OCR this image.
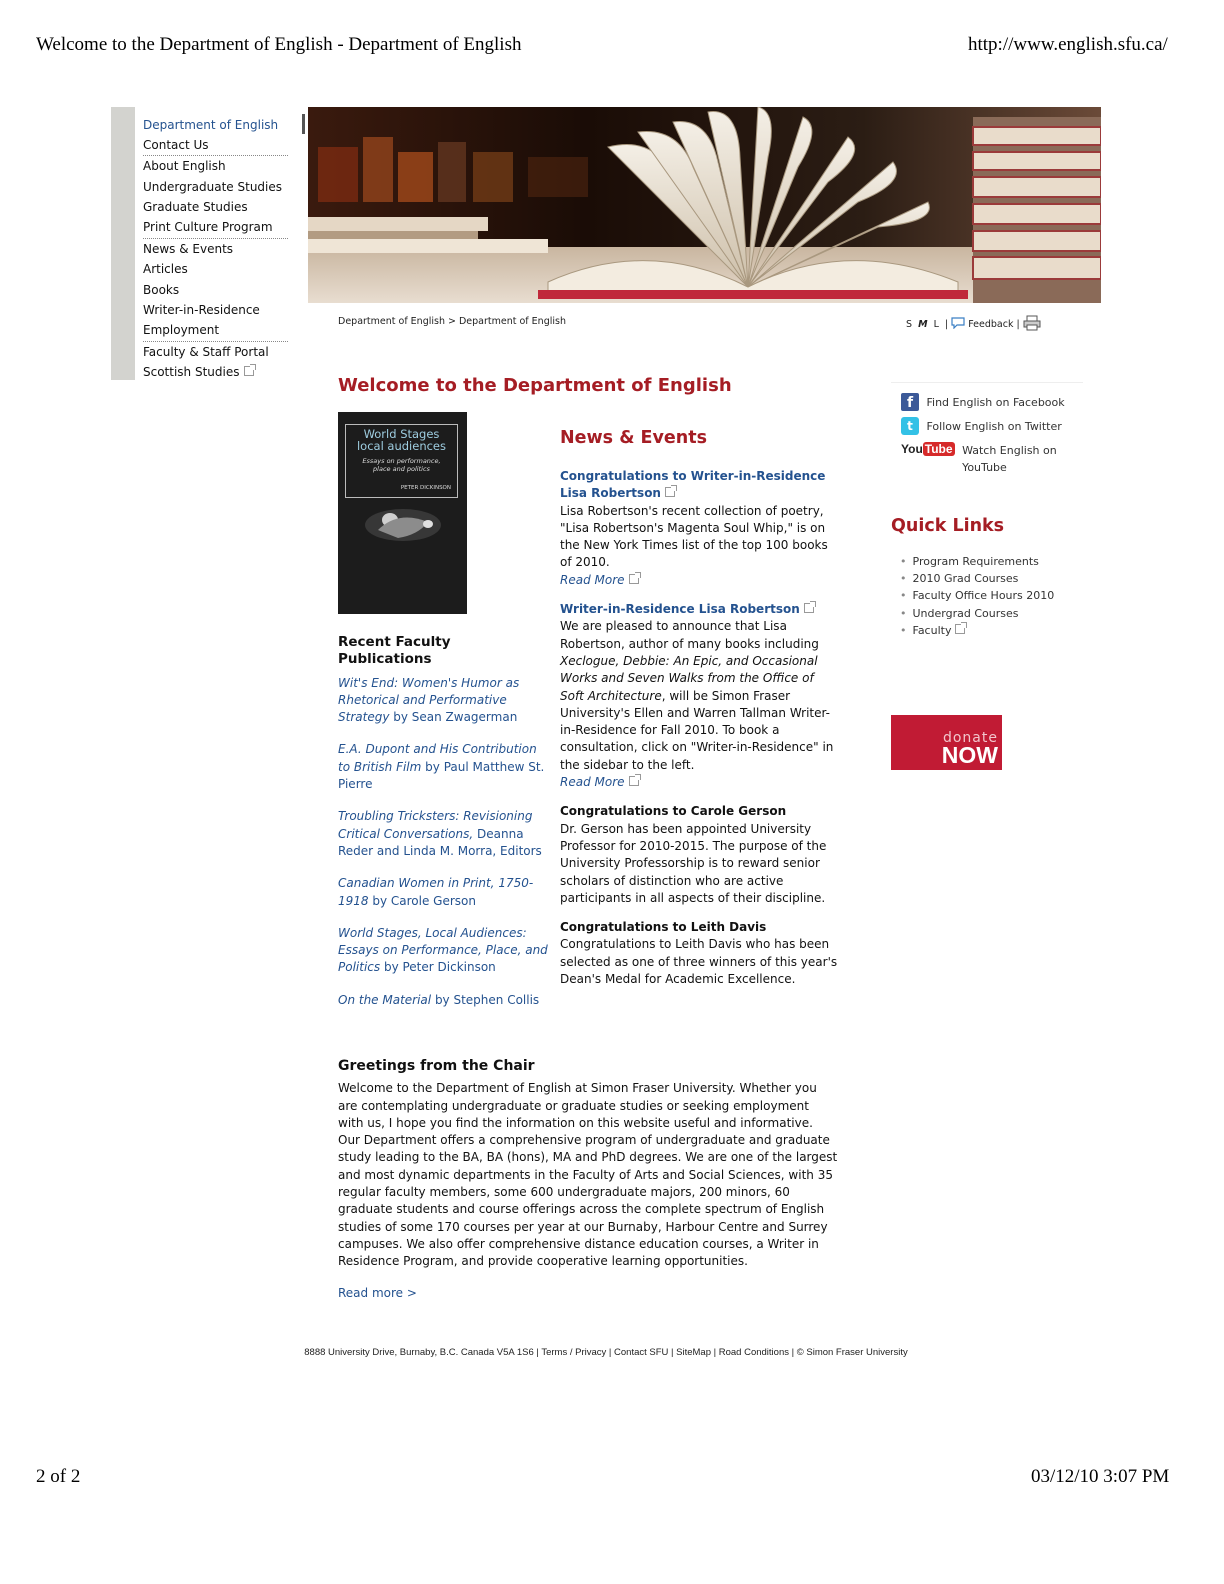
Welcome to the Department of English - Department of English	http://www.english.sfu.ca/
Department of English
Contact Us
About English
Undergraduate Studies
Graduate Studies
Print Culture Program
News & Events
Articles
Books
Writer-in-Residence
Employment
Faculty & Staff Portal
Scottish Studies
Department of English > Department of English	S M L | Feedback |
Welcome to the Department of English
World Stages
local audiences
Essays on performance,
place and politics
PETER DICKINSON
Recent Faculty Publications
Wit's End: Women's Humor as Rhetorical and Performative Strategy by Sean Zwagerman
E.A. Dupont and His Contribution to British Film by Paul Matthew St. Pierre
Troubling Tricksters: Revisioning Critical Conversations, Deanna Reder and Linda M. Morra, Editors
Canadian Women in Print, 1750-1918 by Carole Gerson
World Stages, Local Audiences: Essays on Performance, Place, and Politics by Peter Dickinson
On the Material by Stephen Collis
News & Events
Congratulations to Writer-in-Residence Lisa Robertson
Lisa Robertson's recent collection of poetry, "Lisa Robertson's Magenta Soul Whip," is on the New York Times list of the top 100 books of 2010.
Read More
Writer-in-Residence Lisa Robertson
We are pleased to announce that Lisa Robertson, author of many books including Xeclogue, Debbie: An Epic, and Occasional Works and Seven Walks from the Office of Soft Architecture, will be Simon Fraser University's Ellen and Warren Tallman Writer-in-Residence for Fall 2010. To book a consultation, click on "Writer-in-Residence" in the sidebar to the left.
Read More
Congratulations to Carole Gerson
Dr. Gerson has been appointed University Professor for 2010-2015. The purpose of the University Professorship is to reward senior scholars of distinction who are active participants in all aspects of their discipline.
Congratulations to Leith Davis
Congratulations to Leith Davis who has been selected as one of three winners of this year's Dean's Medal for Academic Excellence.
f Find English on Facebook
t Follow English on Twitter
You Tube Watch English on
YouTube
Quick Links
• Program Requirements
• 2010 Grad Courses
• Faculty Office Hours 2010
• Undergrad Courses
• Faculty
donate
NOW
Greetings from the Chair

Welcome to the Department of English at Simon Fraser University. Whether you are contemplating undergraduate or graduate studies or seeking employment with us, I hope you find the information on this website useful and informative. Our Department offers a comprehensive program of undergraduate and graduate study leading to the BA, BA (hons), MA and PhD degrees. We are one of the largest and most dynamic departments in the Faculty of Arts and Social Sciences, with 35 regular faculty members, some 600 undergraduate majors, 200 minors, 60 graduate students and course offerings across the complete spectrum of English studies of some 170 courses per year at our Burnaby, Harbour Centre and Surrey campuses. We also offer comprehensive distance education courses, a Writer in Residence Program, and provide cooperative learning opportunities.

Read more >
8888 University Drive, Burnaby, B.C. Canada V5A 1S6 | Terms / Privacy | Contact SFU | SiteMap | Road Conditions | © Simon Fraser University
2 of 2	03/12/10 3:07 PM
